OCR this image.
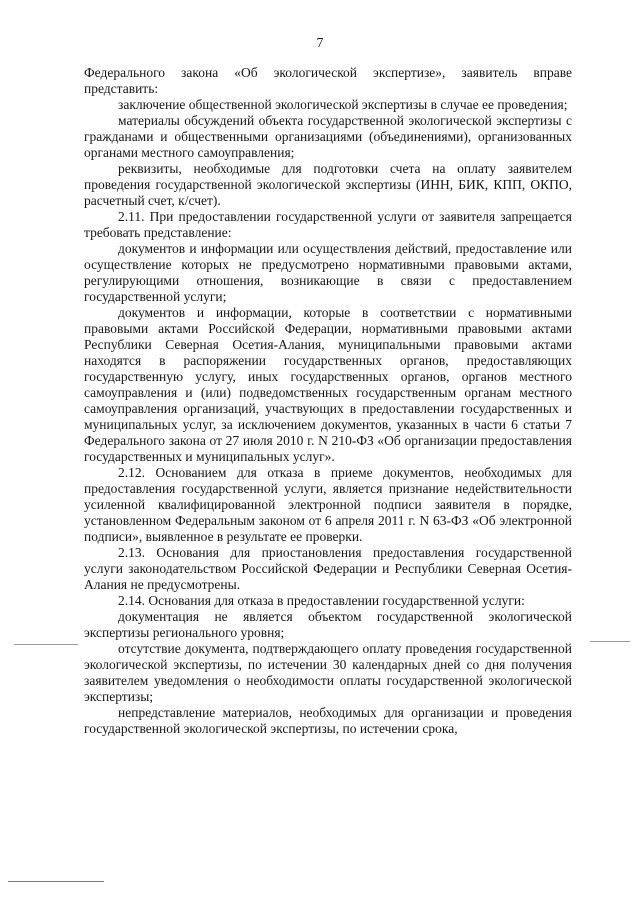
7

Федерального закона «Об экологической экспертизе», заявитель вправе представить:

заключение общественной экологической экспертизы в случае ее проведения;

материалы обсуждений объекта государственной экологической экспертизы с гражданами и общественными организациями (объединениями), организованных органами местного самоуправления;

реквизиты, необходимые для подготовки счета на оплату заявителем проведения государственной экологической экспертизы (ИНН, БИК, КПП, ОКПО, расчетный счет, к/счет).

2.11. При предоставлении государственной услуги от заявителя запрещается требовать представление:

документов и информации или осуществления действий, предоставление или осуществление которых не предусмотрено нормативными правовыми актами, регулирующими отношения, возникающие в связи с предоставлением государственной услуги;

документов и информации, которые в соответствии с нормативными правовыми актами Российской Федерации, нормативными правовыми актами Республики Северная Осетия-Алания, муниципальными правовыми актами находятся в распоряжении государственных органов, предоставляющих государственную услугу, иных государственных органов, органов местного самоуправления и (или) подведомственных государственным органам местного самоуправления организаций, участвующих в предоставлении государственных и муниципальных услуг, за исключением документов, указанных в части 6 статьи 7 Федерального закона от 27 июля 2010 г. N 210-ФЗ «Об организации предоставления государственных и муниципальных услуг».

2.12. Основанием для отказа в приеме документов, необходимых для предоставления государственной услуги, является признание недействительности усиленной квалифицированной электронной подписи заявителя в порядке, установленном Федеральным законом от 6 апреля 2011 г. N 63-ФЗ «Об электронной подписи», выявленное в результате ее проверки.

2.13. Основания для приостановления предоставления государственной услуги законодательством Российской Федерации и Республики Северная Осетия-Алания не предусмотрены.

2.14. Основания для отказа в предоставлении государственной услуги:

документация не является объектом государственной экологической экспертизы регионального уровня;

отсутствие документа, подтверждающего оплату проведения государственной экологической экспертизы, по истечении 30 календарных дней со дня получения заявителем уведомления о необходимости оплаты государственной экологической экспертизы;

непредставление материалов, необходимых для организации и проведения государственной экологической экспертизы, по истечении срока,
